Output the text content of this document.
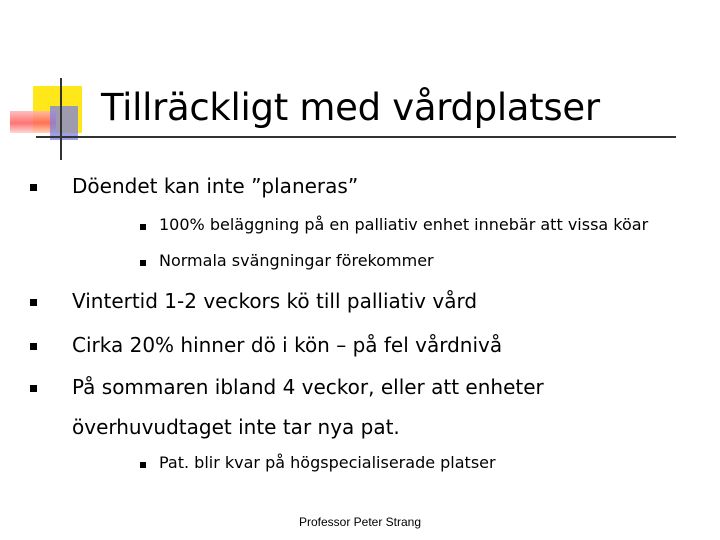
Tillräckligt med vårdplatser
Döendet kan inte ”planeras”
100% beläggning på en palliativ enhet innebär att vissa köar
Normala svängningar förekommer
Vintertid 1-2 veckors kö till palliativ vård
Cirka 20% hinner dö i kön – på fel vårdnivå
På sommaren ibland 4 veckor, eller att enheter
överhuvudtaget inte tar nya pat.
Pat. blir kvar på högspecialiserade platser
Professor Peter Strang
